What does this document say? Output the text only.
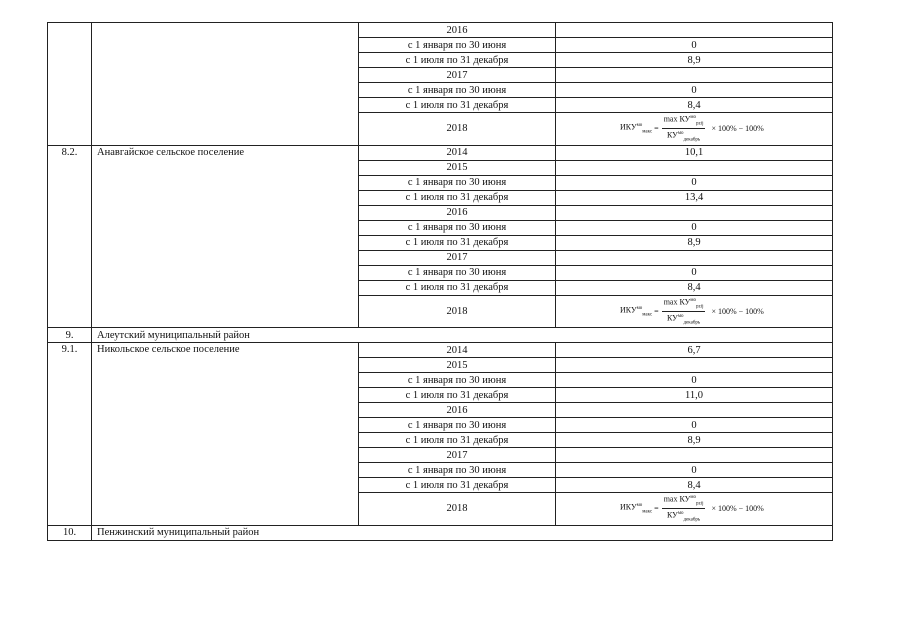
		2016	
		с 1 января по 30 июня	0
		с 1 июля по 31 декабря	8,9
		2017	
		с 1 января по 30 июня	0
		с 1 июля по 31 декабря	8,4
		2018	$ИКУ^{мо}_{макс} = \frac{\max КУ^{мо}_{pzij}}{КУ^{мо}_{декабрь}} \times 100\% - 100\%$

8.2.	Анавгайское сельское поселение	2014	10,1
		2015	
		с 1 января по 30 июня	0
		с 1 июля по 31 декабря	13,4
		2016	
		с 1 января по 30 июня	0
		с 1 июля по 31 декабря	8,9
		2017	
		с 1 января по 30 июня	0
		с 1 июля по 31 декабря	8,4
		2018	$ИКУ^{мо}_{макс} = \frac{\max КУ^{мо}_{pzij}}{КУ^{мо}_{декабрь}} \times 100\% - 100\%$

9.	Алеутский муниципальный район		
9.1.	Никольское сельское поселение	2014	6,7
		2015	
		с 1 января по 30 июня	0
		с 1 июля по 31 декабря	11,0
		2016	
		с 1 января по 30 июня	0
		с 1 июля по 31 декабря	8,9
		2017	
		с 1 января по 30 июня	0
		с 1 июля по 31 декабря	8,4
		2018	$ИКУ^{мо}_{макс} = \frac{\max КУ^{мо}_{pzij}}{КУ^{мо}_{декабрь}} \times 100\% - 100\%$

10.	Пенжинский муниципальный район		
